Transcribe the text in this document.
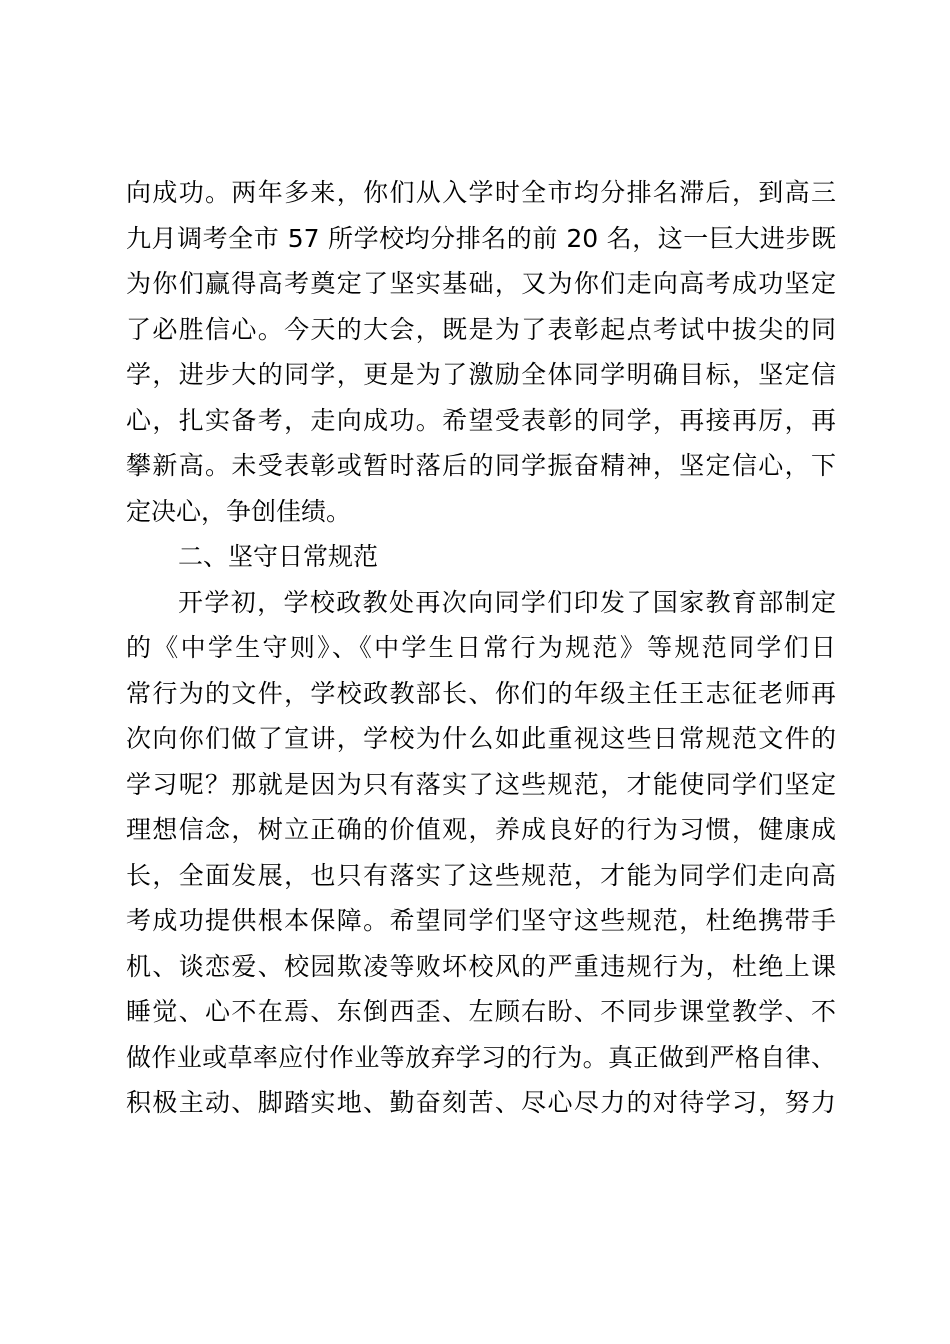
向成功。两年多来，你们从入学时全市均分排名滞后，到高三
九月调考全市 57 所学校均分排名的前 20 名，这一巨大进步既
为你们赢得高考奠定了坚实基础，又为你们走向高考成功坚定
了必胜信心。今天的大会，既是为了表彰起点考试中拔尖的同
学，进步大的同学，更是为了激励全体同学明确目标，坚定信
心，扎实备考，走向成功。希望受表彰的同学，再接再厉，再
攀新高。未受表彰或暂时落后的同学振奋精神，坚定信心，下
定决心，争创佳绩。
二、坚守日常规范
开学初，学校政教处再次向同学们印发了国家教育部制定
的《中学生守则》、《中学生日常行为规范》等规范同学们日
常行为的文件，学校政教部长、你们的年级主任王志征老师再
次向你们做了宣讲，学校为什么如此重视这些日常规范文件的
学习呢？那就是因为只有落实了这些规范，才能使同学们坚定
理想信念，树立正确的价值观，养成良好的行为习惯，健康成
长，全面发展，也只有落实了这些规范，才能为同学们走向高
考成功提供根本保障。希望同学们坚守这些规范，杜绝携带手
机、谈恋爱、校园欺凌等败坏校风的严重违规行为，杜绝上课
睡觉、心不在焉、东倒西歪、左顾右盼、不同步课堂教学、不
做作业或草率应付作业等放弃学习的行为。真正做到严格自律、
积极主动、脚踏实地、勤奋刻苦、尽心尽力的对待学习，努力
